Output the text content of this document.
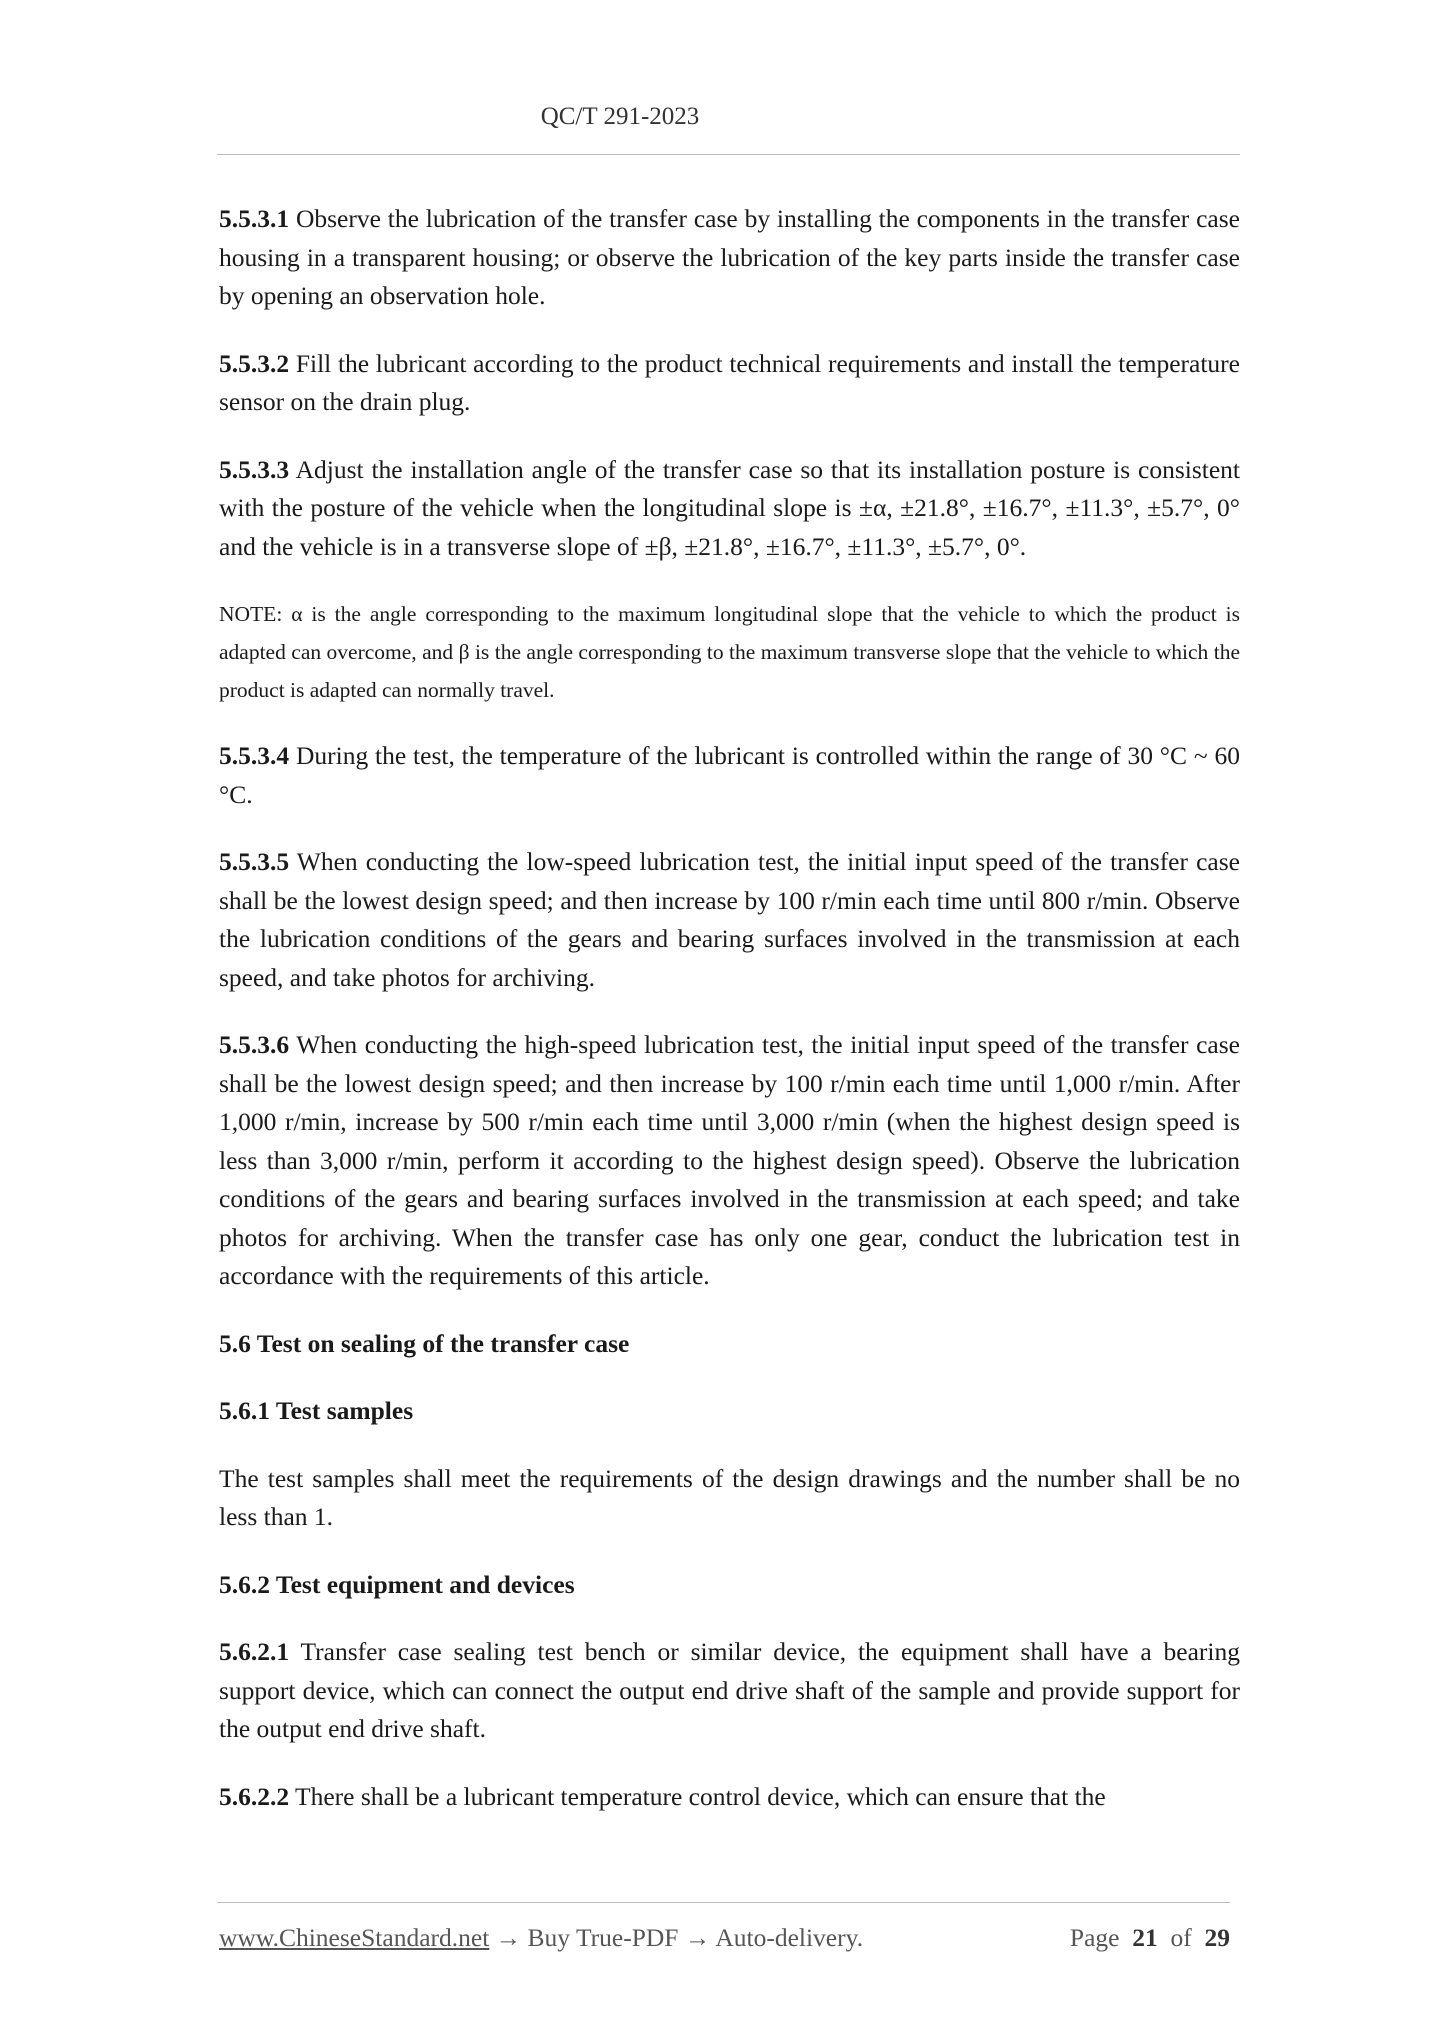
QC/T 291-2023

5.5.3.1 Observe the lubrication of the transfer case by installing the components in the transfer case housing in a transparent housing; or observe the lubrication of the key parts inside the transfer case by opening an observation hole.

5.5.3.2 Fill the lubricant according to the product technical requirements and install the temperature sensor on the drain plug.

5.5.3.3 Adjust the installation angle of the transfer case so that its installation posture is consistent with the posture of the vehicle when the longitudinal slope is ±α, ±21.8°, ±16.7°, ±11.3°, ±5.7°, 0° and the vehicle is in a transverse slope of ±β, ±21.8°, ±16.7°, ±11.3°, ±5.7°, 0°.

NOTE: α is the angle corresponding to the maximum longitudinal slope that the vehicle to which the product is adapted can overcome, and β is the angle corresponding to the maximum transverse slope that the vehicle to which the product is adapted can normally travel.

5.5.3.4 During the test, the temperature of the lubricant is controlled within the range of 30 °C ~ 60 °C.

5.5.3.5 When conducting the low-speed lubrication test, the initial input speed of the transfer case shall be the lowest design speed; and then increase by 100 r/min each time until 800 r/min. Observe the lubrication conditions of the gears and bearing surfaces involved in the transmission at each speed, and take photos for archiving.

5.5.3.6 When conducting the high-speed lubrication test, the initial input speed of the transfer case shall be the lowest design speed; and then increase by 100 r/min each time until 1,000 r/min. After 1,000 r/min, increase by 500 r/min each time until 3,000 r/min (when the highest design speed is less than 3,000 r/min, perform it according to the highest design speed). Observe the lubrication conditions of the gears and bearing surfaces involved in the transmission at each speed; and take photos for archiving. When the transfer case has only one gear, conduct the lubrication test in accordance with the requirements of this article.

5.6 Test on sealing of the transfer case

5.6.1 Test samples

The test samples shall meet the requirements of the design drawings and the number shall be no less than 1.

5.6.2 Test equipment and devices

5.6.2.1 Transfer case sealing test bench or similar device, the equipment shall have a bearing support device, which can connect the output end drive shaft of the sample and provide support for the output end drive shaft.

5.6.2.2 There shall be a lubricant temperature control device, which can ensure that the

www.ChineseStandard.net → Buy True-PDF → Auto-delivery.	Page 21 of 29
